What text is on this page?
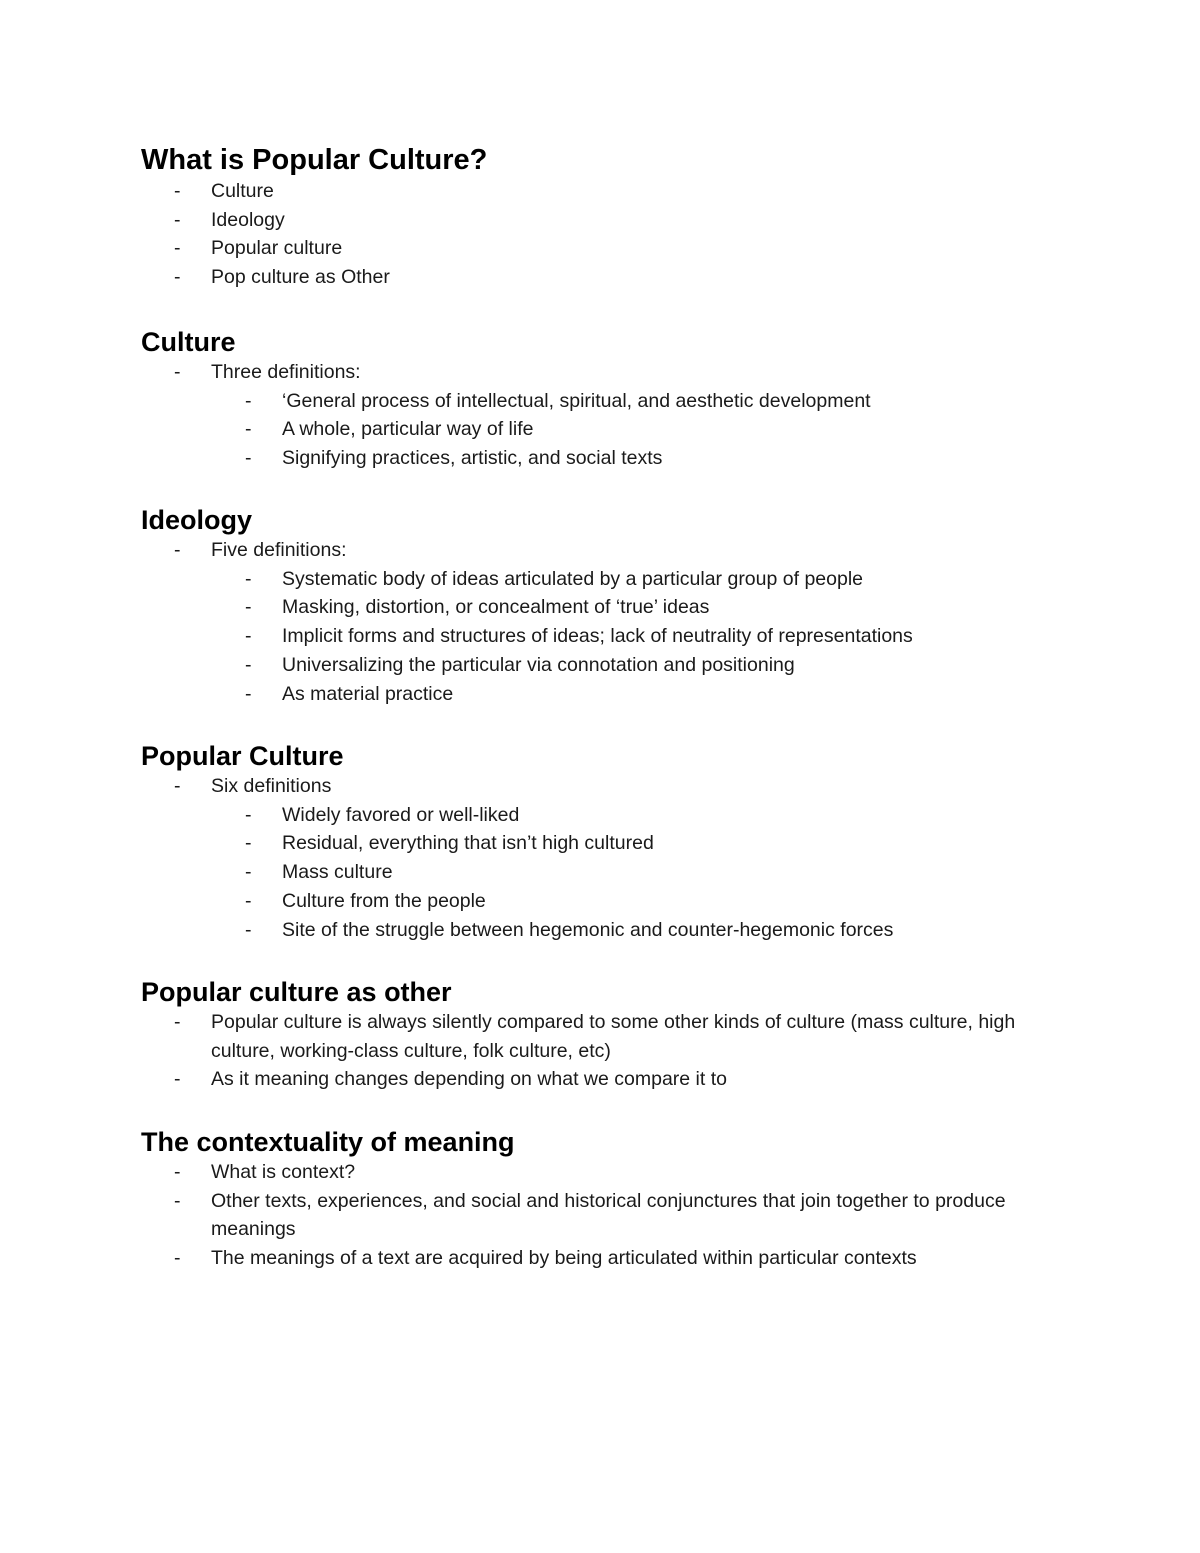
What is Popular Culture?
-	Culture
-	Ideology
-	Popular culture
-	Pop culture as Other
Culture
-	Three definitions:
-	‘General process of intellectual, spiritual, and aesthetic development
-	A whole, particular way of life
-	Signifying practices, artistic, and social texts
Ideology
-	Five definitions:
-	Systematic body of ideas articulated by a particular group of people
-	Masking, distortion, or concealment of ‘true’ ideas
-	Implicit forms and structures of ideas; lack of neutrality of representations
-	Universalizing the particular via connotation and positioning
-	As material practice
Popular Culture
-	Six definitions
-	Widely favored or well-liked
-	Residual, everything that isn’t high cultured
-	Mass culture
-	Culture from the people
-	Site of the struggle between hegemonic and counter-hegemonic forces
Popular culture as other
-	Popular culture is always silently compared to some other kinds of culture (mass culture, high culture, working-class culture, folk culture, etc)
-	As it meaning changes depending on what we compare it to
The contextuality of meaning
-	What is context?
-	Other texts, experiences, and social and historical conjunctures that join together to produce meanings
-	The meanings of a text are acquired by being articulated within particular contexts
